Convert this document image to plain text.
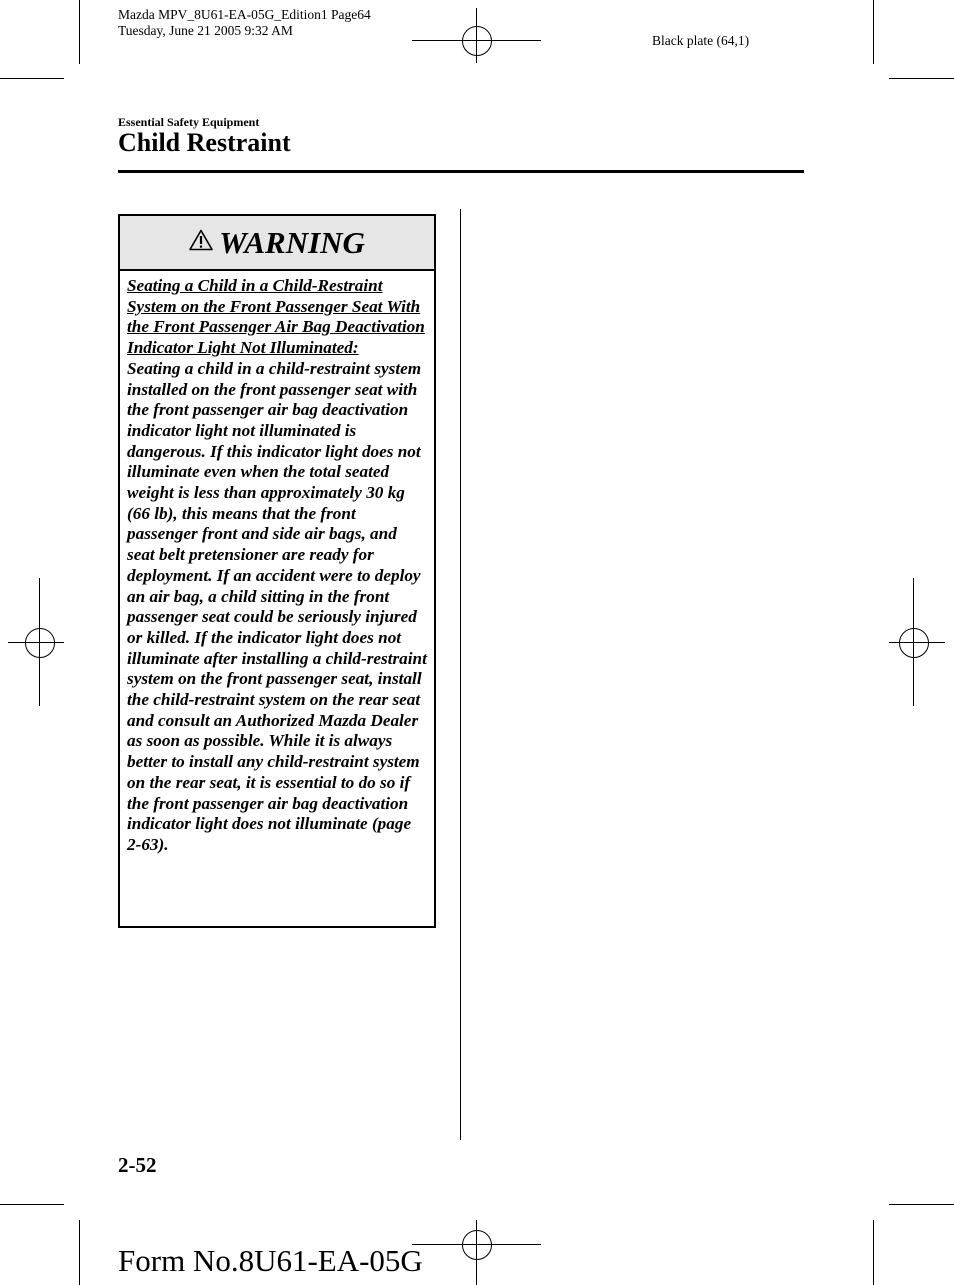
Mazda MPV_8U61-EA-05G_Edition1 Page64
Tuesday, June 21 2005 9:32 AM
Black plate (64,1)
Essential Safety Equipment
Child Restraint
WARNING
Seating a Child in a Child-Restraint System on the Front Passenger Seat With the Front Passenger Air Bag Deactivation Indicator Light Not Illuminated:
Seating a child in a child-restraint system installed on the front passenger seat with the front passenger air bag deactivation indicator light not illuminated is dangerous. If this indicator light does not illuminate even when the total seated weight is less than approximately 30 kg (66 lb), this means that the front passenger front and side air bags, and seat belt pretensioner are ready for deployment. If an accident were to deploy an air bag, a child sitting in the front passenger seat could be seriously injured or killed. If the indicator light does not illuminate after installing a child-restraint system on the front passenger seat, install the child-restraint system on the rear seat and consult an Authorized Mazda Dealer as soon as possible. While it is always better to install any child-restraint system on the rear seat, it is essential to do so if the front passenger air bag deactivation indicator light does not illuminate (page 2-63).
2-52
Form No.8U61-EA-05G
